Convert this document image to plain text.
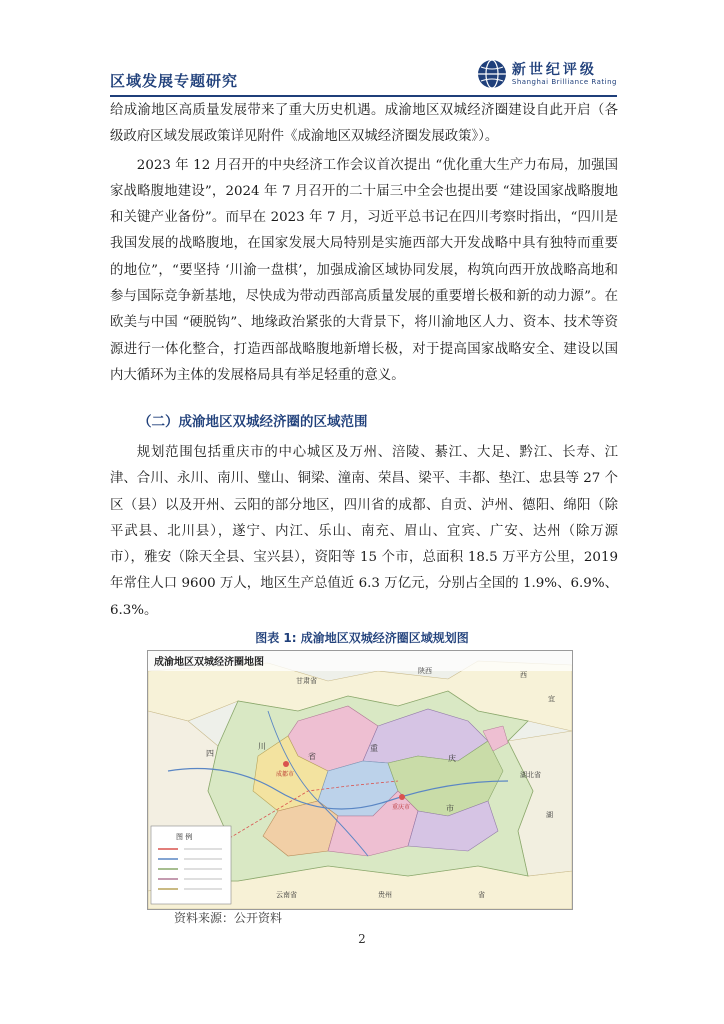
区域发展专题研究
新世纪评级
Shanghai Brilliance Rating

给成渝地区高质量发展带来了重大历史机遇。成渝地区双城经济圈建设自此开启（各级政府区域发展政策详见附件《成渝地区双城经济圈发展政策》）。

2023 年 12 月召开的中央经济工作会议首次提出 “优化重大生产力布局，加强国家战略腹地建设”，2024 年 7 月召开的二十届三中全会也提出要 “建设国家战略腹地和关键产业备份”。而早在 2023 年 7 月，习近平总书记在四川考察时指出，“四川是我国发展的战略腹地，在国家发展大局特别是实施西部大开发战略中具有独特而重要的地位”，“要坚持 ‘川渝一盘棋’，加强成渝区域协同发展，构筑向西开放战略高地和参与国际竞争新基地，尽快成为带动西部高质量发展的重要增长极和新的动力源”。在欧美与中国 “硬脱钩”、地缘政治紧张的大背景下，将川渝地区人力、资本、技术等资源进行一体化整合，打造西部战略腹地新增长极，对于提高国家战略安全、建设以国内大循环为主体的发展格局具有举足轻重的意义。

（二）成渝地区双城经济圈的区域范围

规划范围包括重庆市的中心城区及万州、涪陵、綦江、大足、黔江、长寿、江津、合川、永川、南川、璧山、铜梁、潼南、荣昌、梁平、丰都、垫江、忠县等 27 个区（县）以及开州、云阳的部分地区，四川省的成都、自贡、泸州、德阳、绵阳（除平武县、北川县），遂宁、内江、乐山、南充、眉山、宜宾、广安、达州（除万源市），雅安（除天全县、宝兴县），资阳等 15 个市，总面积 18.5 万平方公里，2019 年常住人口 9600 万人，地区生产总值近 6.3 万亿元，分别占全国的 1.9%、6.9%、6.3%。

图表 1: 成渝地区双城经济圈区域规划图
成渝地区双城经济圈地图
甘肃省
陕西	西
宜
湖北省
四
川
省
重
庆
市
湖
云南省	贵州	省
成都市
重庆市
图 例
资料来源：公开资料
2
